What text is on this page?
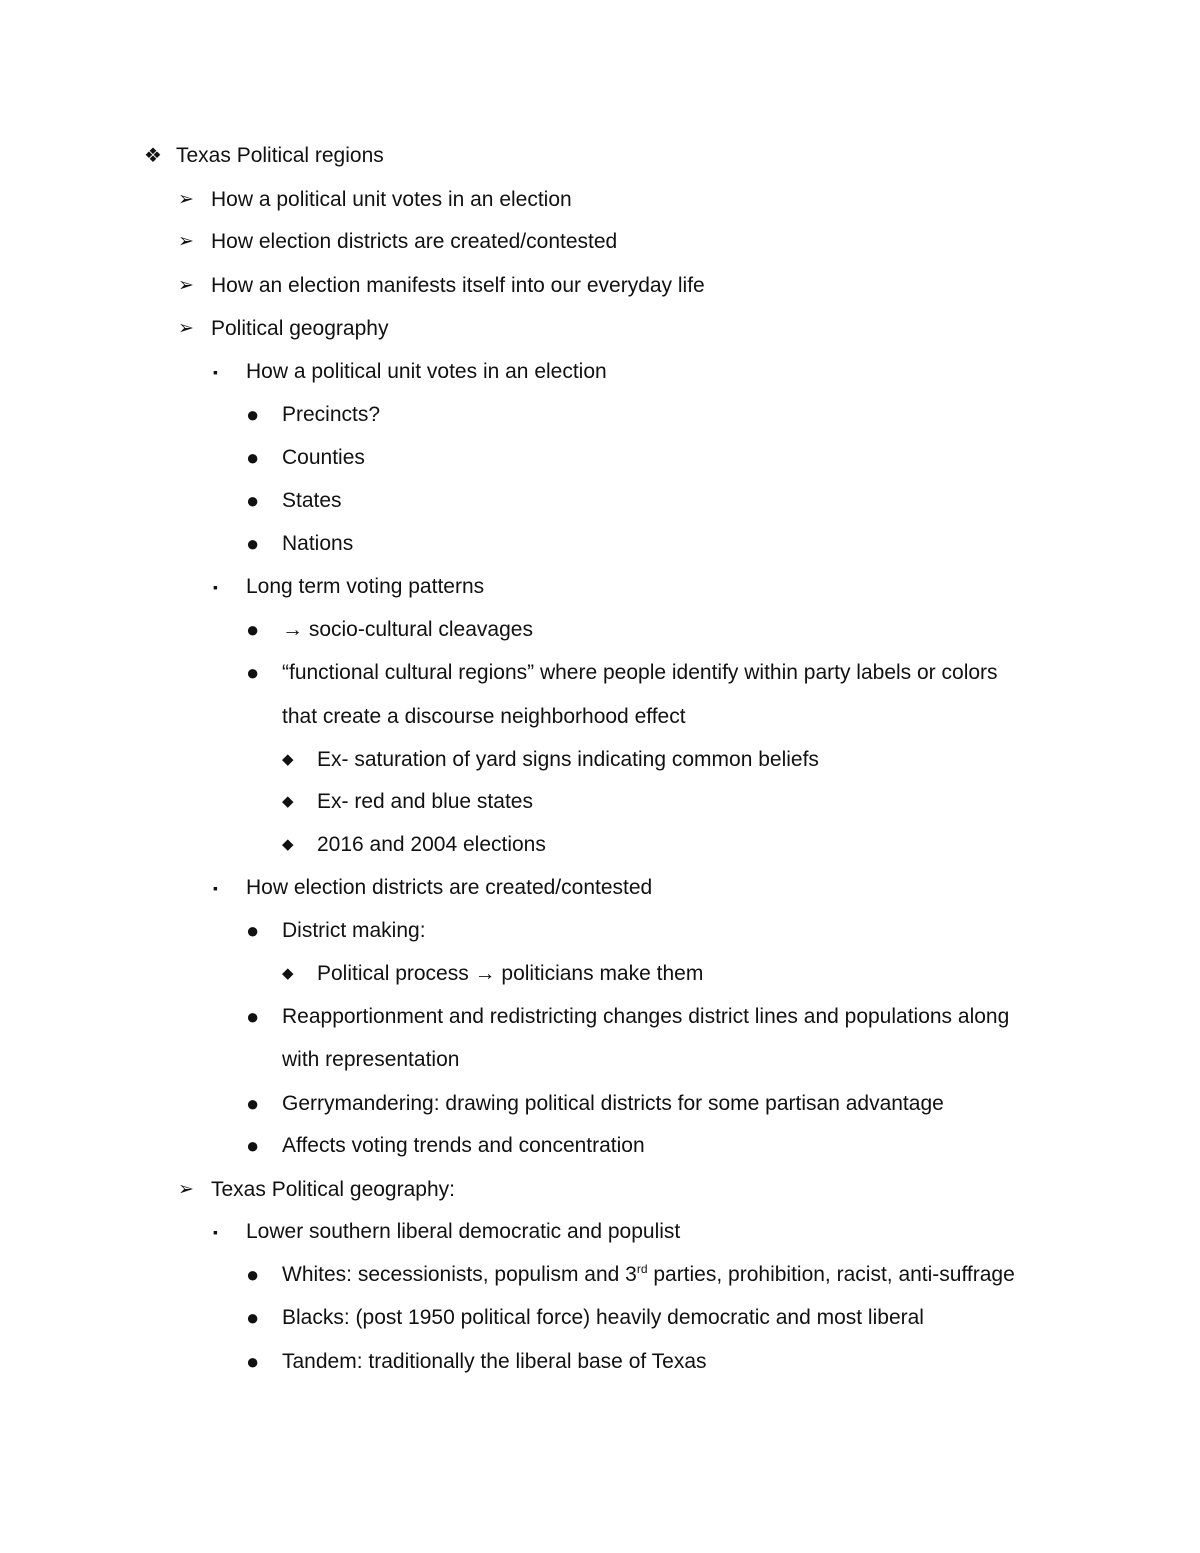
❖ Texas Political regions
➢ How a political unit votes in an election
➢ How election districts are created/contested
➢ How an election manifests itself into our everyday life
➢ Political geography
▪ How a political unit votes in an election
● Precincts?
● Counties
● States
● Nations
▪ Long term voting patterns
● → socio-cultural cleavages
● “functional cultural regions” where people identify within party labels or colors
that create a discourse neighborhood effect
◆ Ex- saturation of yard signs indicating common beliefs
◆ Ex- red and blue states
◆ 2016 and 2004 elections
▪ How election districts are created/contested
● District making:
◆ Political process → politicians make them
● Reapportionment and redistricting changes district lines and populations along
with representation
● Gerrymandering: drawing political districts for some partisan advantage
● Affects voting trends and concentration
➢ Texas Political geography:
▪ Lower southern liberal democratic and populist
● Whites: secessionists, populism and 3rd parties, prohibition, racist, anti-suffrage
● Blacks: (post 1950 political force) heavily democratic and most liberal
● Tandem: traditionally the liberal base of Texas
